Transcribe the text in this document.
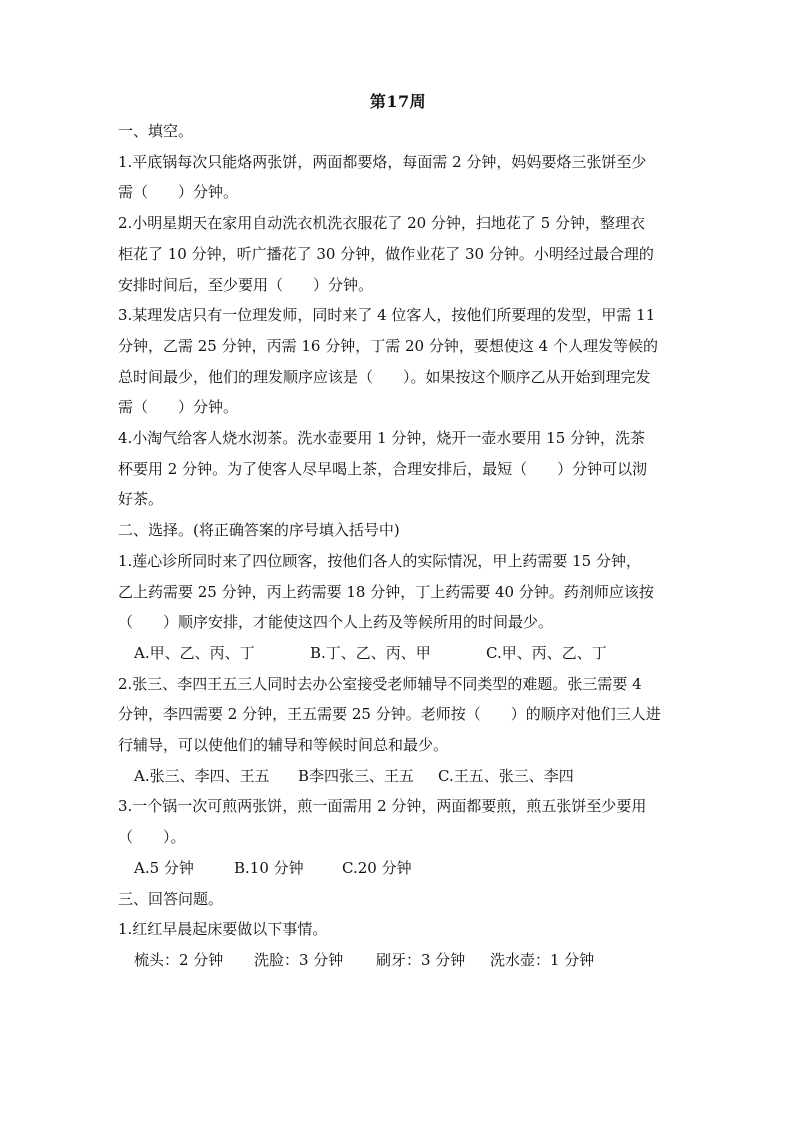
第17周
一、填空。
1.平底锅每次只能烙两张饼，两面都要烙，每面需 2 分钟，妈妈要烙三张饼至少
需（　　）分钟。
2.小明星期天在家用自动洗衣机洗衣服花了 20 分钟，扫地花了 5 分钟，整理衣
柜花了 10 分钟，听广播花了 30 分钟，做作业花了 30 分钟。小明经过最合理的
安排时间后，至少要用（　　）分钟。
3.某理发店只有一位理发师，同时来了 4 位客人，按他们所要理的发型，甲需 11
分钟，乙需 25 分钟，丙需 16 分钟，丁需 20 分钟，要想使这 4 个人理发等候的
总时间最少，他们的理发顺序应该是（　　）。如果按这个顺序乙从开始到理完发
需（　　）分钟。
4.小淘气给客人烧水沏茶。洗水壶要用 1 分钟，烧开一壶水要用 15 分钟，洗茶
杯要用 2 分钟。为了使客人尽早喝上茶，合理安排后，最短（　　）分钟可以沏
好茶。
二、选择。(将正确答案的序号填入括号中)
1.莲心诊所同时来了四位顾客，按他们各人的实际情况，甲上药需要 15 分钟，
乙上药需要 25 分钟，丙上药需要 18 分钟，丁上药需要 40 分钟。药剂师应该按
（　　）顺序安排，才能使这四个人上药及等候所用的时间最少。
A.甲、乙、丙、丁	B.丁、乙、丙、甲	C.甲、丙、乙、丁
2.张三、李四王五三人同时去办公室接受老师辅导不同类型的难题。张三需要 4
分钟，李四需要 2 分钟，王五需要 25 分钟。老师按（　　）的顺序对他们三人进
行辅导，可以使他们的辅导和等候时间总和最少。
A.张三、李四、王五 B李四张三、王五 C.王五、张三、李四
3.一个锅一次可煎两张饼，煎一面需用 2 分钟，两面都要煎，煎五张饼至少要用
（　　）。
A.5 分钟	B.10 分钟	C.20 分钟
三、回答问题。
1.红红早晨起床要做以下事情。
梳头：2 分钟 洗脸：3 分钟 刷牙：3 分钟 洗水壶：1 分钟
